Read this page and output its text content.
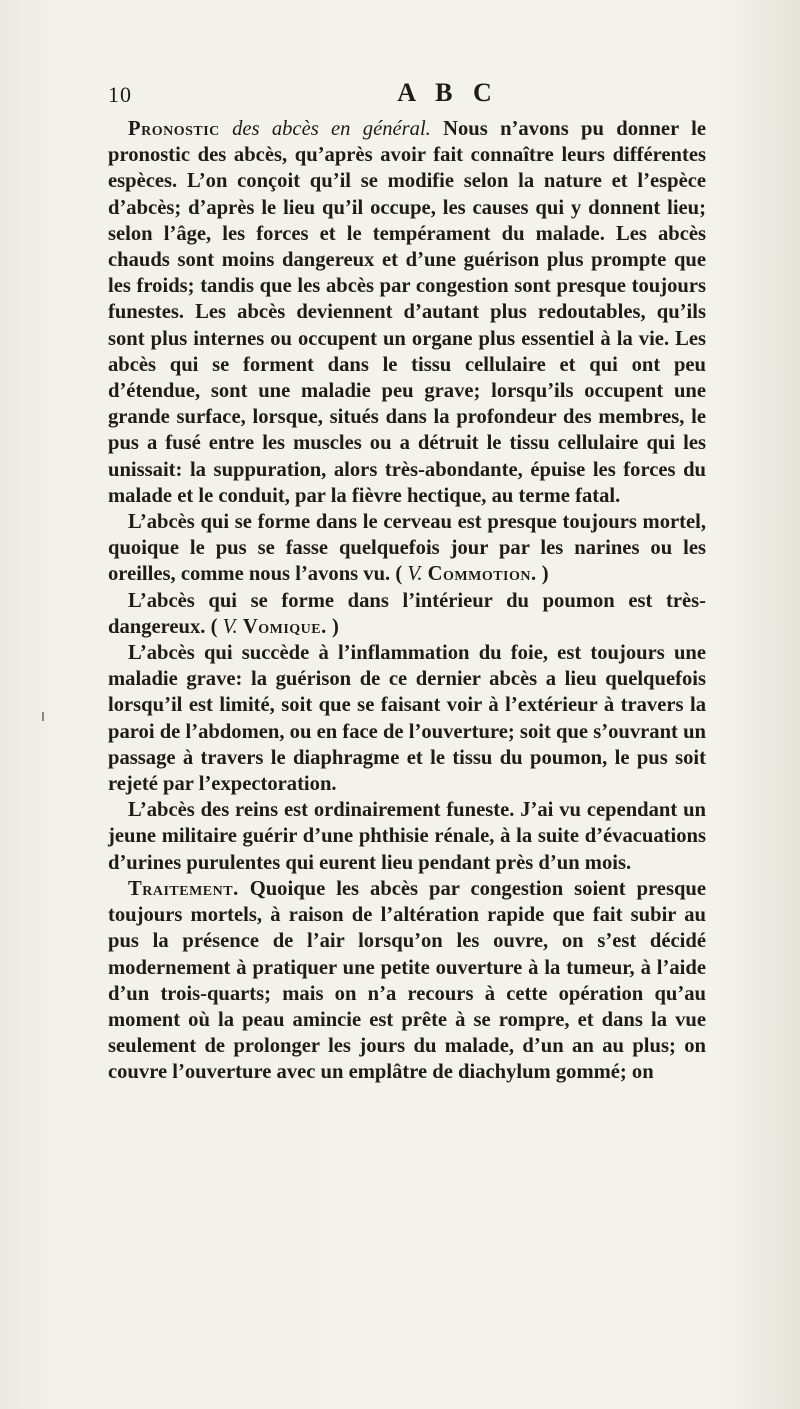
10	A B C

Pronostic des abcès en général. Nous n’avons pu donner le pronostic des abcès, qu’après avoir fait connaître leurs différentes espèces. L’on conçoit qu’il se modifie selon la nature et l’espèce d’abcès; d’après le lieu qu’il occupe, les causes qui y donnent lieu; selon l’âge, les forces et le tempérament du malade. Les abcès chauds sont moins dangereux et d’une guérison plus prompte que les froids; tandis que les abcès par congestion sont presque toujours funestes. Les abcès deviennent d’autant plus redoutables, qu’ils sont plus internes ou occupent un organe plus essentiel à la vie. Les abcès qui se forment dans le tissu cellulaire et qui ont peu d’étendue, sont une maladie peu grave; lorsqu’ils occupent une grande surface, lorsque, situés dans la profondeur des membres, le pus a fusé entre les muscles ou a détruit le tissu cellulaire qui les unissait: la suppuration, alors très-abondante, épuise les forces du malade et le conduit, par la fièvre hectique, au terme fatal.

L’abcès qui se forme dans le cerveau est presque toujours mortel, quoique le pus se fasse quelquefois jour par les narines ou les oreilles, comme nous l’avons vu. ( V. Commotion. )

L’abcès qui se forme dans l’intérieur du poumon est très-dangereux. ( V. Vomique. )

L’abcès qui succède à l’inflammation du foie, est toujours une maladie grave: la guérison de ce dernier abcès a lieu quelquefois lorsqu’il est limité, soit que se faisant voir à l’extérieur à travers la paroi de l’abdomen, ou en face de l’ouverture; soit que s’ouvrant un passage à travers le diaphragme et le tissu du poumon, le pus soit rejeté par l’expectoration.

L’abcès des reins est ordinairement funeste. J’ai vu cependant un jeune militaire guérir d’une phthisie rénale, à la suite d’évacuations d’urines purulentes qui eurent lieu pendant près d’un mois.

Traitement. Quoique les abcès par congestion soient presque toujours mortels, à raison de l’altération rapide que fait subir au pus la présence de l’air lorsqu’on les ouvre, on s’est décidé modernement à pratiquer une petite ouverture à la tumeur, à l’aide d’un trois-quarts; mais on n’a recours à cette opération qu’au moment où la peau amincie est prête à se rompre, et dans la vue seulement de prolonger les jours du malade, d’un an au plus; on couvre l’ouverture avec un emplâtre de diachylum gommé; on
